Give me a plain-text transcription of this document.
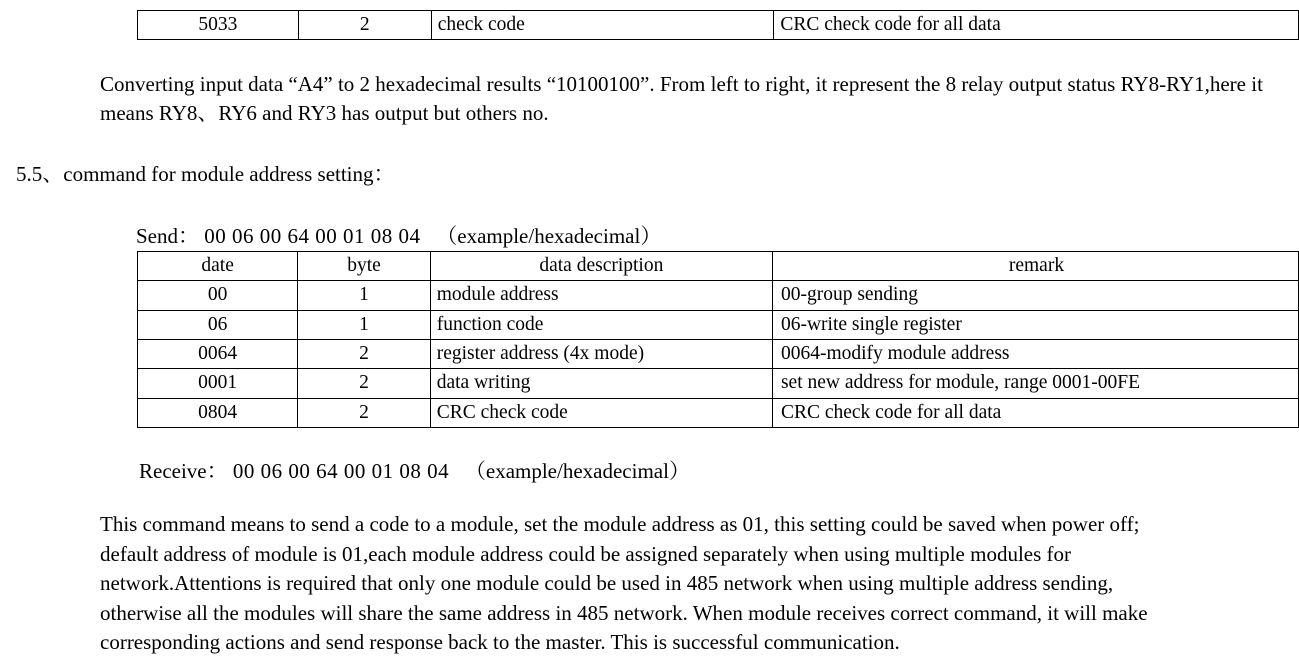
5033	2	check code	CRC check code for all data
Converting input data “A4” to 2 hexadecimal results “10100100”. From left to right, it represent the 8 relay output status RY8-RY1,here it means RY8、RY6 and RY3 has output but others no.
5.5、command for module address setting：
Send： 00 06 00 64 00 01 08 04 （example/hexadecimal）
date	byte	data description	remark
00	1	module address	00-group sending
06	1	function code	06-write single register
0064	2	register address (4x mode)	0064-modify module address
0001	2	data writing	set new address for module, range 0001-00FE
0804	2	CRC check code	CRC check code for all data
Receive： 00 06 00 64 00 01 08 04 （example/hexadecimal）

This command means to send a code to a module, set the module address as 01, this setting could be saved when power off;

default address of module is 01,each module address could be assigned separately when using multiple modules for

network.Attentions is required that only one module could be used in 485 network when using multiple address sending,

otherwise all the modules will share the same address in 485 network. When module receives correct command, it will make

corresponding actions and send response back to the master. This is successful communication.
